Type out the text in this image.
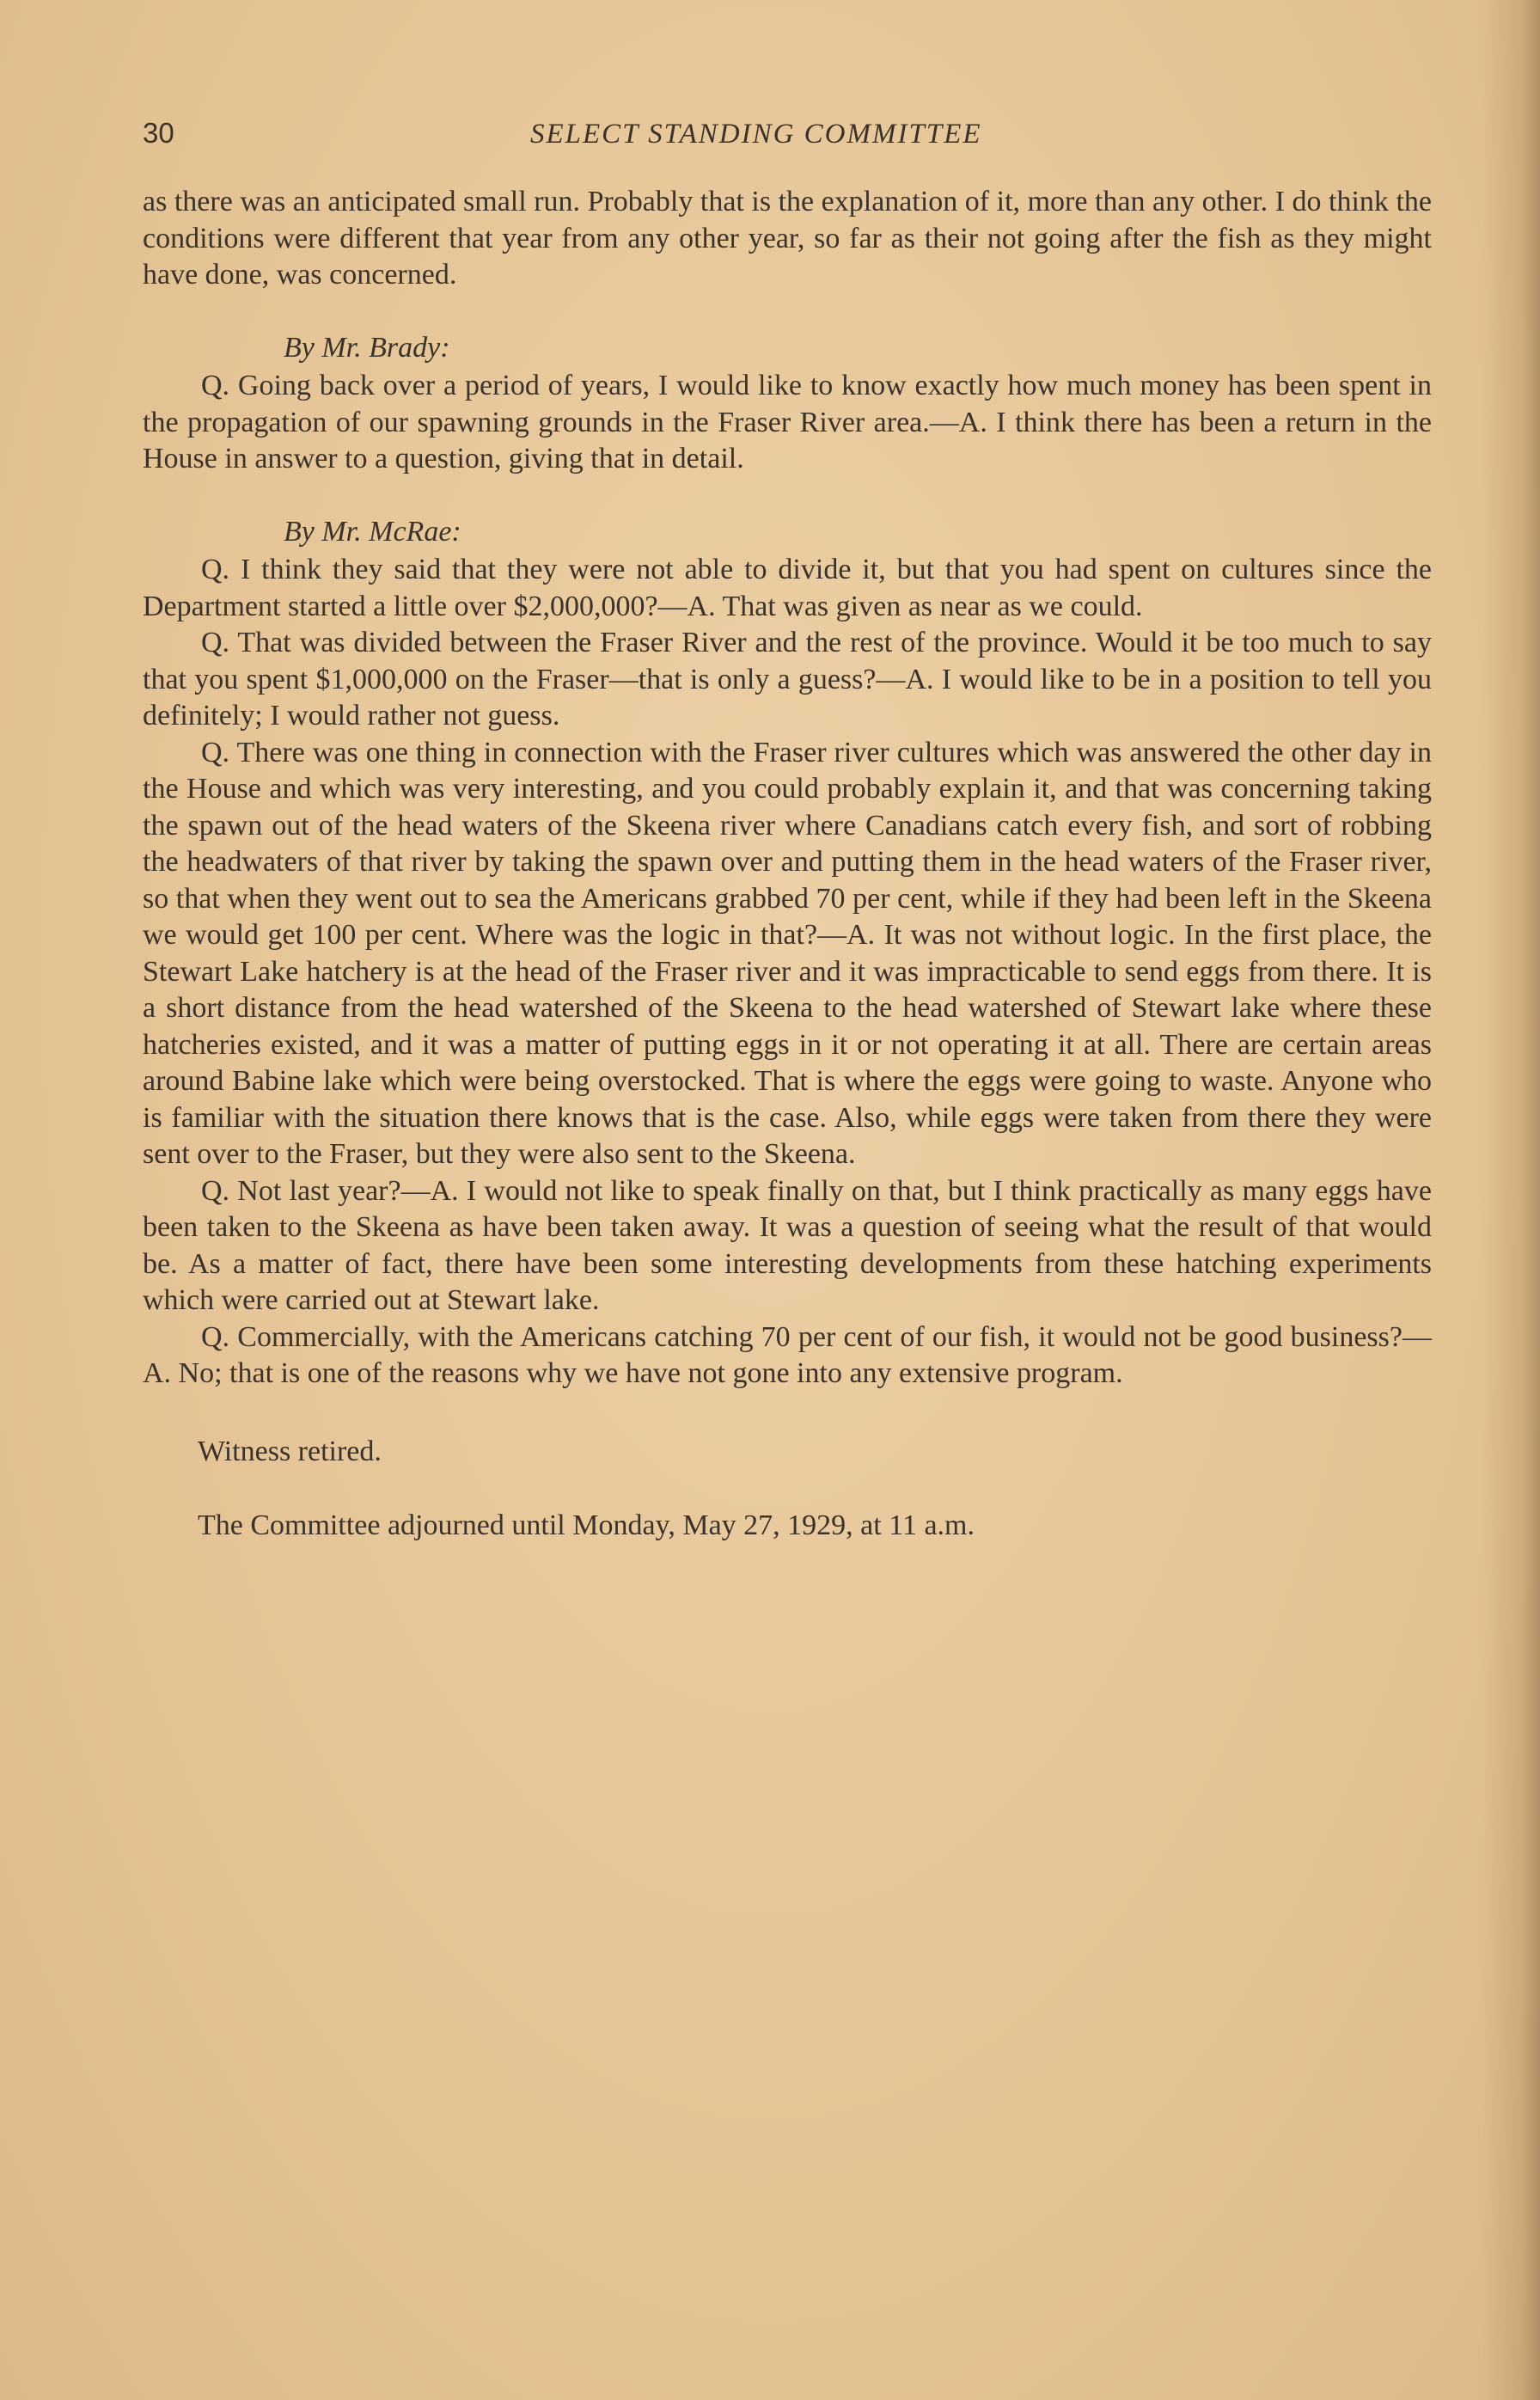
30	SELECT STANDING COMMITTEE

as there was an anticipated small run. Probably that is the explanation of it, more than any other. I do think the conditions were different that year from any other year, so far as their not going after the fish as they might have done, was concerned.

By Mr. Brady:

Q. Going back over a period of years, I would like to know exactly how much money has been spent in the propagation of our spawning grounds in the Fraser River area.—A. I think there has been a return in the House in answer to a question, giving that in detail.

By Mr. McRae:

Q. I think they said that they were not able to divide it, but that you had spent on cultures since the Department started a little over $2,000,000?—A. That was given as near as we could.

Q. That was divided between the Fraser River and the rest of the province. Would it be too much to say that you spent $1,000,000 on the Fraser—that is only a guess?—A. I would like to be in a position to tell you definitely; I would rather not guess.

Q. There was one thing in connection with the Fraser river cultures which was answered the other day in the House and which was very interesting, and you could probably explain it, and that was concerning taking the spawn out of the head waters of the Skeena river where Canadians catch every fish, and sort of robbing the headwaters of that river by taking the spawn over and putting them in the head waters of the Fraser river, so that when they went out to sea the Americans grabbed 70 per cent, while if they had been left in the Skeena we would get 100 per cent. Where was the logic in that?—A. It was not without logic. In the first place, the Stewart Lake hatchery is at the head of the Fraser river and it was impracticable to send eggs from there. It is a short distance from the head watershed of the Skeena to the head watershed of Stewart lake where these hatcheries existed, and it was a matter of putting eggs in it or not operating it at all. There are certain areas around Babine lake which were being overstocked. That is where the eggs were going to waste. Anyone who is familiar with the situation there knows that is the case. Also, while eggs were taken from there they were sent over to the Fraser, but they were also sent to the Skeena.

Q. Not last year?—A. I would not like to speak finally on that, but I think practically as many eggs have been taken to the Skeena as have been taken away. It was a question of seeing what the result of that would be. As a matter of fact, there have been some interesting developments from these hatching experiments which were carried out at Stewart lake.

Q. Commercially, with the Americans catching 70 per cent of our fish, it would not be good business?—A. No; that is one of the reasons why we have not gone into any extensive program.

Witness retired.

The Committee adjourned until Monday, May 27, 1929, at 11 a.m.
